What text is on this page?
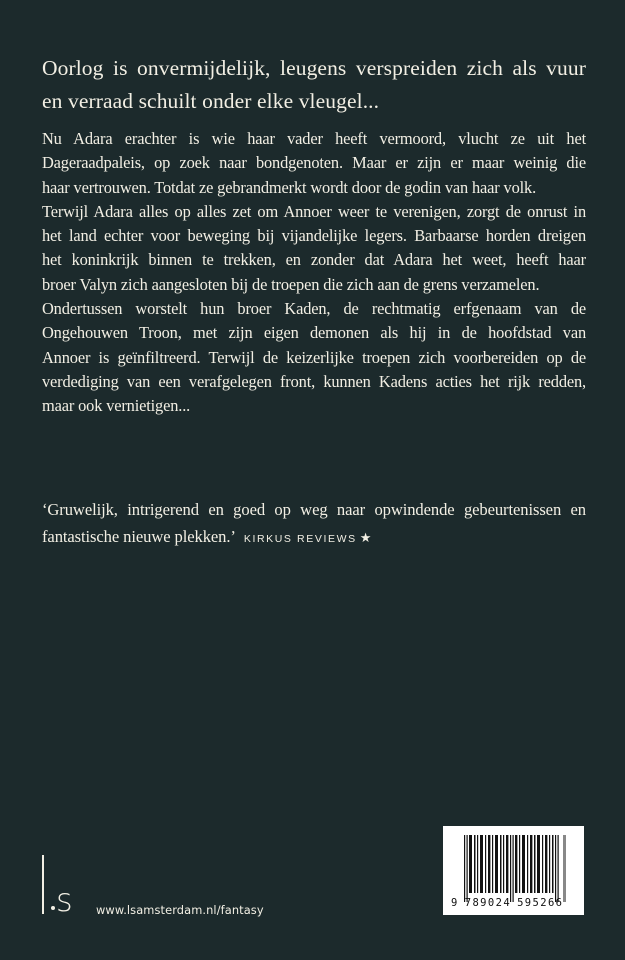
Oorlog is onvermijdelijk, leugens verspreiden zich als vuur
en verraad schuilt onder elke vleugel...

Nu Adara erachter is wie haar vader heeft vermoord, vlucht ze uit het
Dageraadpaleis, op zoek naar bondgenoten. Maar er zijn er maar weinig die
haar vertrouwen. Totdat ze gebrandmerkt wordt door de godin van haar volk.
Terwijl Adara alles op alles zet om Annoer weer te verenigen, zorgt de onrust in
het land echter voor beweging bij vijandelijke legers. Barbaarse horden dreigen
het koninkrijk binnen te trekken, en zonder dat Adara het weet, heeft haar
broer Valyn zich aangesloten bij de troepen die zich aan de grens verzamelen.
Ondertussen worstelt hun broer Kaden, de rechtmatig erfgenaam van de
Ongehouwen Troon, met zijn eigen demonen als hij in de hoofdstad van
Annoer is geïnfiltreerd. Terwijl de keizerlijke troepen zich voorbereiden op de
verdediging van een verafgelegen front, kunnen Kadens acties het rijk redden,
maar ook vernietigen...

‘Gruwelijk, intrigerend en goed op weg naar opwindende gebeurtenissen en
fantastische nieuwe plekken.’ KIRKUS REVIEWS ★

s www.lsamsterdam.nl/fantasy	9 789024 595266
